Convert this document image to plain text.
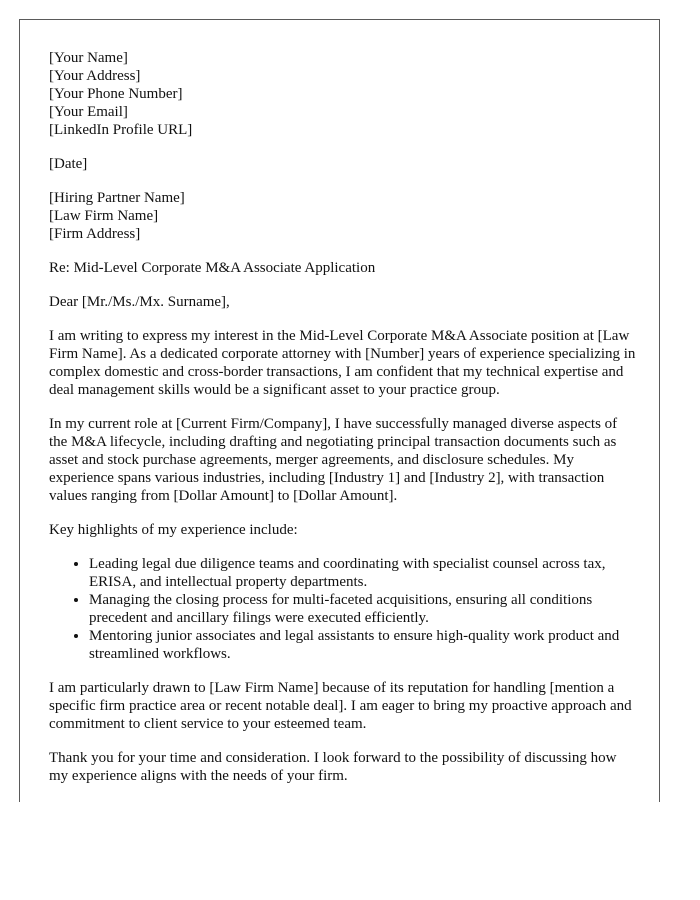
[Your Name]
[Your Address]
[Your Phone Number]
[Your Email]
[LinkedIn Profile URL]
[Date]
[Hiring Partner Name]
[Law Firm Name]
[Firm Address]

Re: Mid-Level Corporate M&A Associate Application

Dear [Mr./Ms./Mx. Surname],

I am writing to express my interest in the Mid-Level Corporate M&A Associate position at [Law Firm Name]. As a dedicated corporate attorney with [Number] years of experience specializing in complex domestic and cross-border transactions, I am confident that my technical expertise and deal management skills would be a significant asset to your practice group.

In my current role at [Current Firm/Company], I have successfully managed diverse aspects of the M&A lifecycle, including drafting and negotiating principal transaction documents such as asset and stock purchase agreements, merger agreements, and disclosure schedules. My experience spans various industries, including [Industry 1] and [Industry 2], with transaction values ranging from [Dollar Amount] to [Dollar Amount].

Key highlights of my experience include:

• Leading legal due diligence teams and coordinating with specialist counsel across tax, ERISA, and intellectual property departments.
• Managing the closing process for multi-faceted acquisitions, ensuring all conditions precedent and ancillary filings were executed efficiently.
• Mentoring junior associates and legal assistants to ensure high-quality work product and streamlined workflows.

I am particularly drawn to [Law Firm Name] because of its reputation for handling [mention a specific firm practice area or recent notable deal]. I am eager to bring my proactive approach and commitment to client service to your esteemed team.

Thank you for your time and consideration. I look forward to the possibility of discussing how my experience aligns with the needs of your firm.
